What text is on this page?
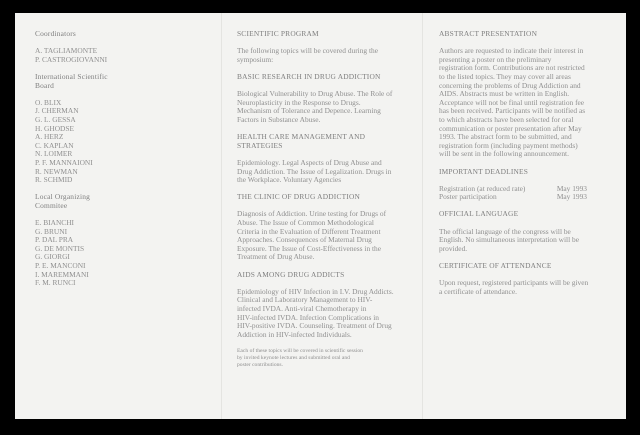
Coordinators

A. TAGLIAMONTE

P. CASTROGIOVANNI

International Scientific

Board

O. BLIX

J. CHERMAN

G. L. GESSA

H. GHODSE

A. HERZ

C. KAPLAN

N. LOIMER

P. F. MANNAIONI

R. NEWMAN

R. SCHMID

Local Organizing

Commitee

E. BIANCHI

G. BRUNI

P. DAL PRA

G. DE MONTIS

G. GIORGI

P. E. MANCONI

I. MAREMMANI

F. M. RUNCI

SCIENTIFIC PROGRAM

The following topics will be covered during the

symposium:

BASIC RESEARCH IN DRUG ADDICTION

Biological Vulnerability to Drug Abuse. The Role of

Neuroplasticity in the Response to Drugs.

Mechanism of Tolerance and Depence. Learning

Factors in Substance Abuse.

HEALTH CARE MANAGEMENT AND

STRATEGIES

Epidemiology. Legal Aspects of Drug Abuse and

Drug Addiction. The Issue of Legalization. Drugs in

the Workplace. Voluntary Agencies

THE CLINIC OF DRUG ADDICTION

Diagnosis of Addiction. Urine testing for Drugs of

Abuse. The Issue of Common Methodological

Criteria in the Evaluation of Different Treatment

Approaches. Consequences of Maternal Drug

Exposure. The Issue of Cost-Effectiveness in the

Treatment of Drug Abuse.

AIDS AMONG DRUG ADDICTS

Epidemiology of HIV Infection in I.V. Drug Addicts.

Clinical and Laboratory Management to HIV-

infected IVDA. Anti-viral Chemotherapy in

HIV-infected IVDA. Infection Complications in

HIV-positive IVDA. Counseling. Treatment of Drug

Addiction in HIV-infected Individuals.

Each of these topics will be covered in scientific session

by invited keynote lectures and submitted oral and

poster contributions.

ABSTRACT PRESENTATION

Authors are requested to indicate their interest in

presenting a poster on the preliminary

registration form. Contributions are not restricted

to the listed topics. They may cover all areas

concerning the problems of Drug Addiction and

AIDS. Abstracts must be written in English.

Acceptance will not be final until registration fee

has been received. Participants will be notified as

to which abstracts have been selected for oral

communication or poster presentation after May

1993. The abstract form to be submitted, and

registration form (including payment methods)

will be sent in the following announcement.

IMPORTANT DEADLINES

Registration (at reduced rate)	May 1993
Poster participation	May 1993

OFFICIAL LANGUAGE

The official language of the congress will be

English. No simultaneous interpretation will be

provided.

CERTIFICATE OF ATTENDANCE

Upon request, registered participants will be given

a certificate of attendance.
